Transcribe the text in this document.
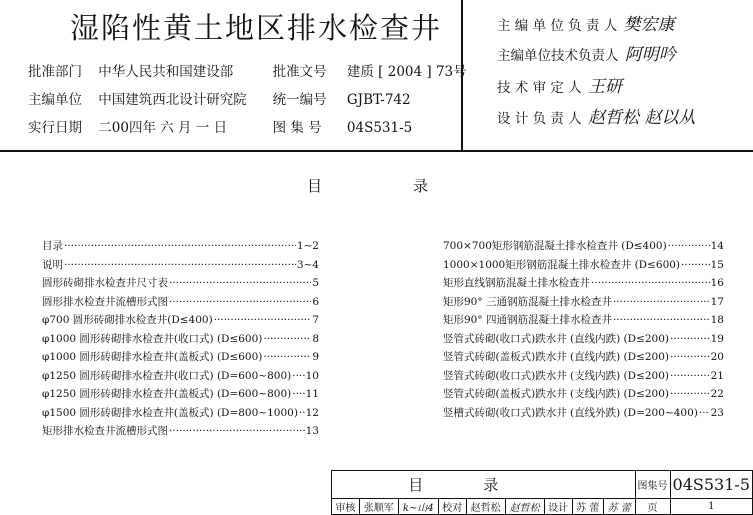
湿陷性黄土地区排水检查井
批准部门 中华人民共和国建设部	批准文号 建质 [ 2004 ] 73号
主编单位 中国建筑西北设计研究院 统一编号 GJBT-742
实行日期 二00四年 六 月 一 日	图 集 号 04S531-5
主 编 单 位 负 责 人 樊宏康
主编单位技术负责人 阿明吟
技 术 审 定 人 王研
设 计 负 责 人 赵哲松 赵以从
目	录
目录 ·····	1~2
说明 ·····	3~4
圆形砖砌排水检查井尺寸表 ·····	5
圆形排水检查井流槽形式图 ·····	6
φ700 圆形砖砌排水检查井(D≤400) ·····	7
φ1000 圆形砖砌排水检查井(收口式) (D≤600) ·····	8
φ1000 圆形砖砌排水检查井(盖板式) (D≤600) ·····	9
φ1250 圆形砖砌排水检查井(收口式) (D=600~800) ····· 10
φ1250 圆形砖砌排水检查井(盖板式) (D=600~800) ····· 11
φ1500 圆形砖砌排水检查井(盖板式) (D=800~1000) ····· 12
矩形排水检查井流槽形式图 ·····	13
700×700矩形钢筋混凝土排水检查井 (D≤400) ·····	14
1000×1000矩形钢筋混凝土排水检查井 (D≤600) ·····	15
矩形直线钢筋混凝土排水检查井 ·····	16
矩形90° 三通钢筋混凝土排水检查井 ·····	17
矩形90° 四通钢筋混凝土排水检查井 ·····	18
竖管式砖砌(收口式)跌水井 (直线内跌) (D≤200) ·····	19
竖管式砖砌(盖板式)跌水井 (直线内跌) (D≤200) ·····	20
竖管式砖砌(收口式)跌水井 (支线内跌) (D≤200) ·····	21
竖管式砖砌(盖板式)跌水井 (支线内跌) (D≤200) ·····	22
竖槽式砖砌(收口式)跌水井 (直线外跌) (D=200~400) ····· 23
目录									图集号	04S531-5
审核	张顺军	k~山4	校对	赵哲松	赵哲松	设计	苏 蕾	苏 蕾	页	1
